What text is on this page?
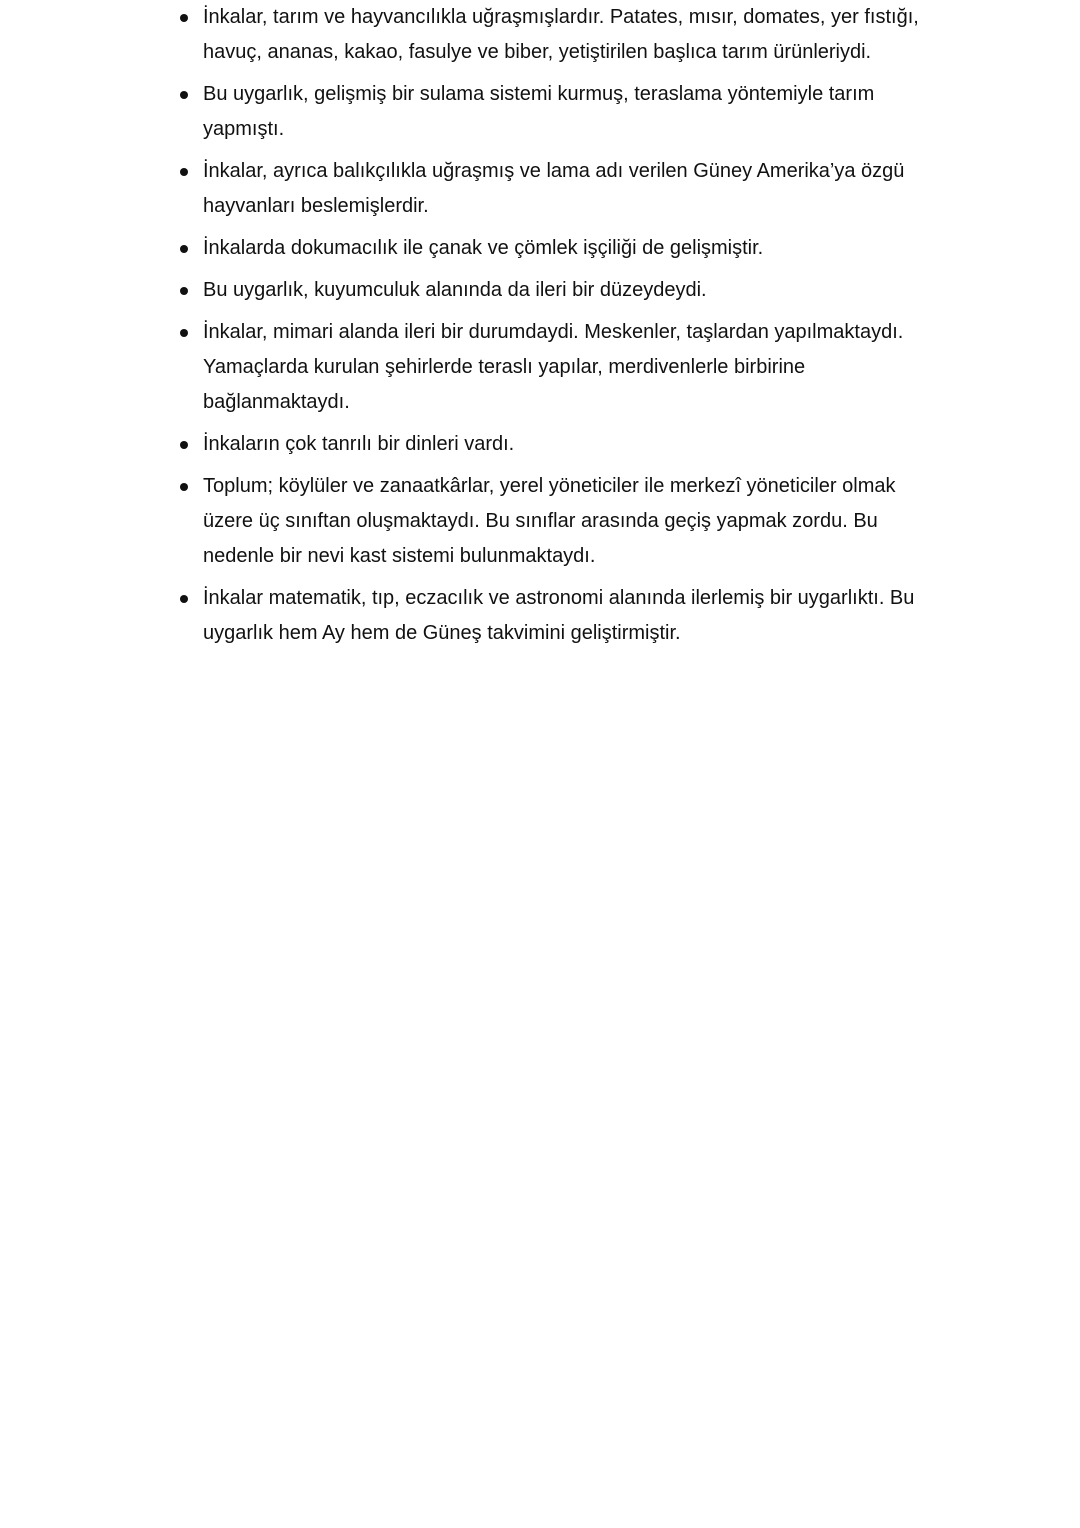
İnkalar, tarım ve hayvancılıkla uğraşmışlardır. Patates, mısır, domates, yer fıstığı, havuç, ananas, kakao, fasulye ve biber, yetiştirilen başlıca tarım ürünleriydi.
Bu uygarlık, gelişmiş bir sulama sistemi kurmuş, teraslama yöntemiyle tarım yapmıştı.
İnkalar, ayrıca balıkçılıkla uğraşmış ve lama adı verilen Güney Amerika’ya özgü hayvanları beslemişlerdir.
İnkalarda dokumacılık ile çanak ve çömlek işçiliği de gelişmiştir.
Bu uygarlık, kuyumculuk alanında da ileri bir düzeydeydi.
İnkalar, mimari alanda ileri bir durumdaydi. Meskenler, taşlardan yapılmaktaydı. Yamaçlarda kurulan şehirlerde teraslı yapılar, merdivenlerle birbirine bağlanmaktaydı.
İnkaların çok tanrılı bir dinleri vardı.
Toplum; köylüler ve zanaatkârlar, yerel yöneticiler ile merkezî yöneticiler olmak üzere üç sınıftan oluşmaktaydı. Bu sınıflar arasında geçiş yapmak zordu. Bu nedenle bir nevi kast sistemi bulunmaktaydı.
İnkalar matematik, tıp, eczacılık ve astronomi alanında ilerlemiş bir uygarlıktı. Bu uygarlık hem Ay hem de Güneş takvimini geliştirmiştir.
